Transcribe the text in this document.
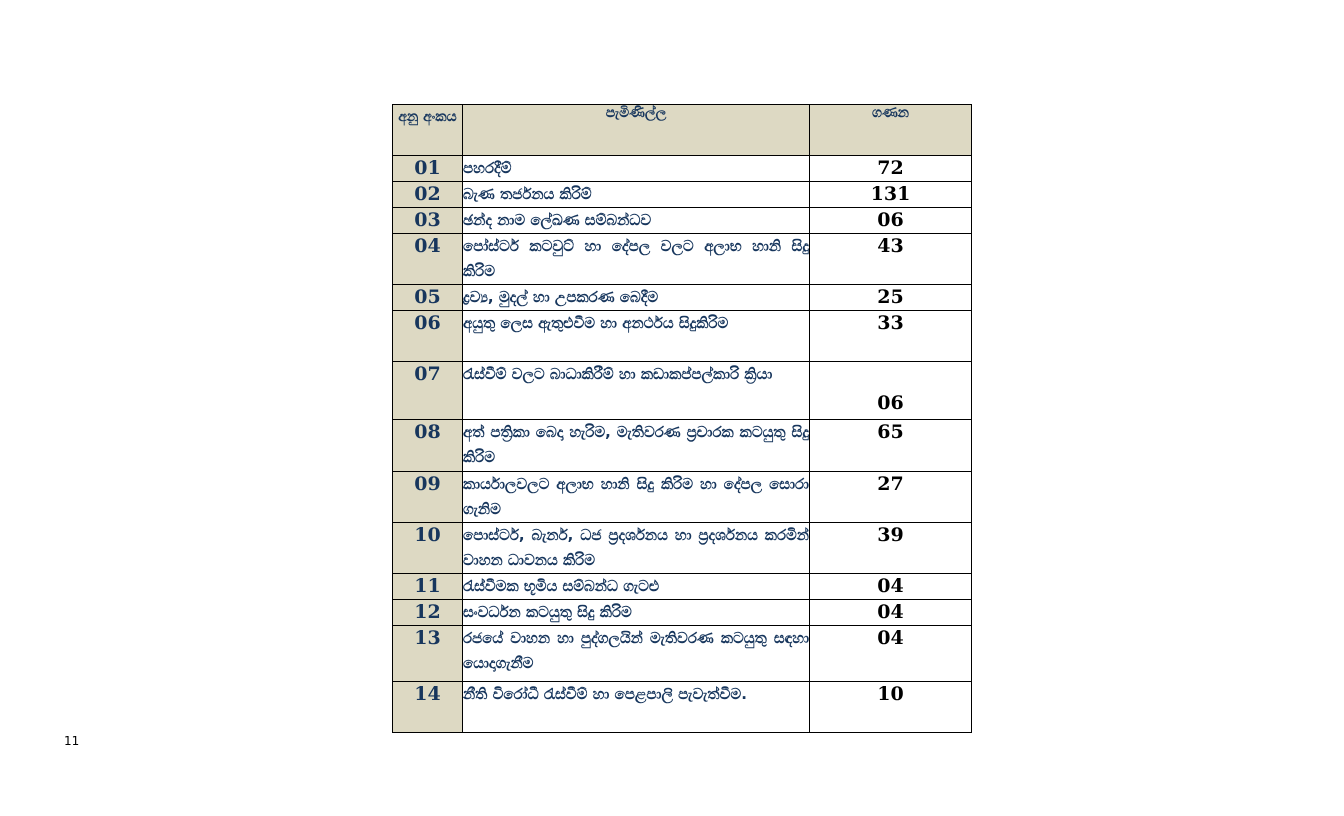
අනු අංකය	පැමිණිල්ල	ගණන
01	පහරදීම්	72
02	බැණ තර්ජනය කිරිම්	131
03	ඡන්ද නාම ලේඛණ සම්බන්ධව	06
04	පෝස්ටර් කටවුට් හා දේපල වලට අලාභ හානි සිදු කිරිම	43
05	ද්‍රව්‍ය, මුදල් හා උපකරණ බෙදීම	25
06	අයුතු ලෙස ඇතුළුවීම හා අනර්ථය සිදුකිරිම	33
07	රැස්වීම් වලට බාධාකිරීම් හා කඩාකප්පල්කාරි ක්‍රියා	06
08	අත් පත්‍රිකා බෙදා හැරිම, මැතිවරණ ප්‍රචාරක කටයුතු සිදු කිරිම	65
09	කාර්යාලවලට අලාභ හානි සිදු කිරිම හා දේපල සොරා ගැනිම	27
10	පොස්ටර්, බැනර්, ධජ ප්‍රදර්ශනය හා ප්‍රදර්ශනය කරමින් වාහන ධාවනය කිරිම	39
11	රැස්වීමක භූමිය සම්බන්ධ ගැටළු	04
12	සංවර්ධන කටයුතු සිදු කිරිම	04
13	රජයේ වාහන හා පුද්ගලයින් මැතිවරණ කටයුතු සඳහා යොදාගැනීම	04
14	නීති විරෝධී රැස්වීම් හා පෙළපාලි පැවැත්වීම.	10
11
